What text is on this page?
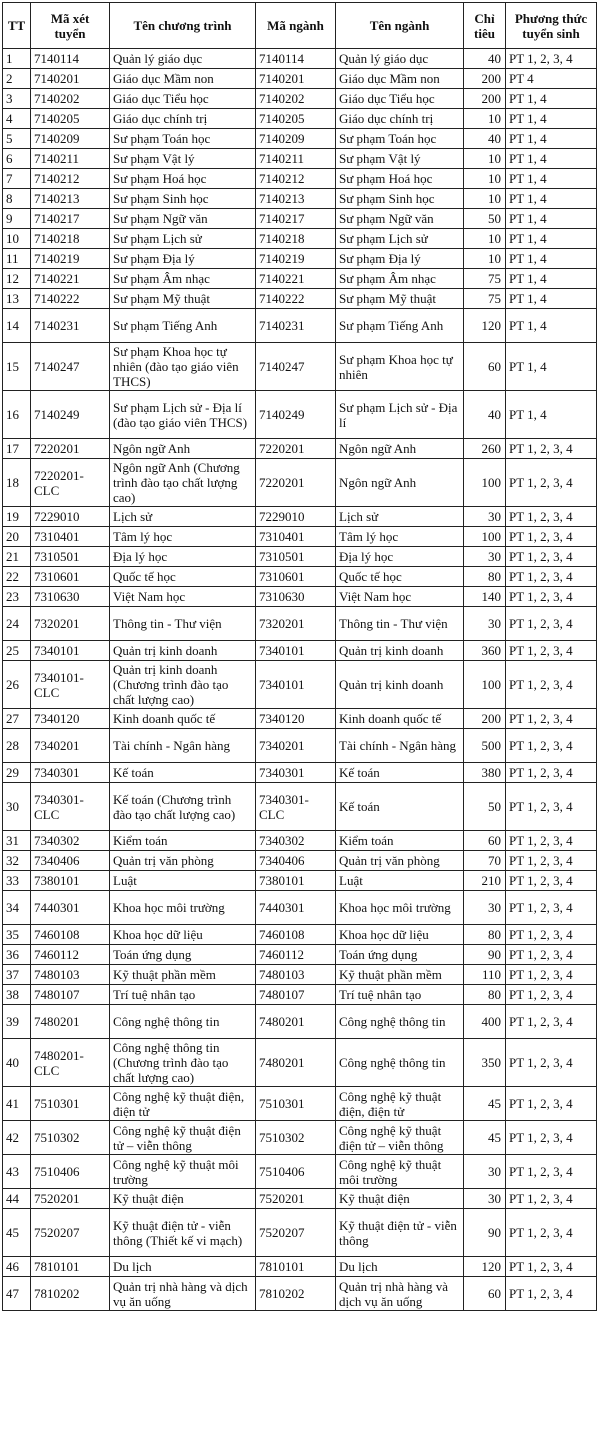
TT	Mã xét tuyển	Tên chương trình	Mã ngành	Tên ngành	Chỉ tiêu	Phương thức tuyển sinh
1	7140114	Quản lý giáo dục	7140114	Quản lý giáo dục	40	PT 1, 2, 3, 4
2	7140201	Giáo dục Mầm non	7140201	Giáo dục Mầm non	200	PT 4
3	7140202	Giáo dục Tiểu học	7140202	Giáo dục Tiểu học	200	PT 1, 4
4	7140205	Giáo dục chính trị	7140205	Giáo dục chính trị	10	PT 1, 4
5	7140209	Sư phạm Toán học	7140209	Sư phạm Toán học	40	PT 1, 4
6	7140211	Sư phạm Vật lý	7140211	Sư phạm Vật lý	10	PT 1, 4
7	7140212	Sư phạm Hoá học	7140212	Sư phạm Hoá học	10	PT 1, 4
8	7140213	Sư phạm Sinh học	7140213	Sư phạm Sinh học	10	PT 1, 4
9	7140217	Sư phạm Ngữ văn	7140217	Sư phạm Ngữ văn	50	PT 1, 4
10	7140218	Sư phạm Lịch sử	7140218	Sư phạm Lịch sử	10	PT 1, 4
11	7140219	Sư phạm Địa lý	7140219	Sư phạm Địa lý	10	PT 1, 4
12	7140221	Sư phạm Âm nhạc	7140221	Sư phạm Âm nhạc	75	PT 1, 4
13	7140222	Sư phạm Mỹ thuật	7140222	Sư phạm Mỹ thuật	75	PT 1, 4
14	7140231	Sư phạm Tiếng Anh	7140231	Sư phạm Tiếng Anh	120	PT 1, 4
15	7140247	Sư phạm Khoa học tự nhiên (đào tạo giáo viên THCS)	7140247	Sư phạm Khoa học tự nhiên	60	PT 1, 4
16	7140249	Sư phạm Lịch sử - Địa lí (đào tạo giáo viên THCS)	7140249	Sư phạm Lịch sử - Địa lí	40	PT 1, 4
17	7220201	Ngôn ngữ Anh	7220201	Ngôn ngữ Anh	260	PT 1, 2, 3, 4
18	7220201-CLC	Ngôn ngữ Anh (Chương trình đào tạo chất lượng cao)	7220201	Ngôn ngữ Anh	100	PT 1, 2, 3, 4
19	7229010	Lịch sử	7229010	Lịch sử	30	PT 1, 2, 3, 4
20	7310401	Tâm lý học	7310401	Tâm lý học	100	PT 1, 2, 3, 4
21	7310501	Địa lý học	7310501	Địa lý học	30	PT 1, 2, 3, 4
22	7310601	Quốc tế học	7310601	Quốc tế học	80	PT 1, 2, 3, 4
23	7310630	Việt Nam học	7310630	Việt Nam học	140	PT 1, 2, 3, 4
24	7320201	Thông tin - Thư viện	7320201	Thông tin - Thư viện	30	PT 1, 2, 3, 4
25	7340101	Quản trị kinh doanh	7340101	Quản trị kinh doanh	360	PT 1, 2, 3, 4
26	7340101-CLC	Quản trị kinh doanh (Chương trình đào tạo chất lượng cao)	7340101	Quản trị kinh doanh	100	PT 1, 2, 3, 4
27	7340120	Kinh doanh quốc tế	7340120	Kinh doanh quốc tế	200	PT 1, 2, 3, 4
28	7340201	Tài chính - Ngân hàng	7340201	Tài chính - Ngân hàng	500	PT 1, 2, 3, 4
29	7340301	Kế toán	7340301	Kế toán	380	PT 1, 2, 3, 4
30	7340301-CLC	Kế toán (Chương trình đào tạo chất lượng cao)	7340301-CLC	Kế toán	50	PT 1, 2, 3, 4
31	7340302	Kiểm toán	7340302	Kiểm toán	60	PT 1, 2, 3, 4
32	7340406	Quản trị văn phòng	7340406	Quản trị văn phòng	70	PT 1, 2, 3, 4
33	7380101	Luật	7380101	Luật	210	PT 1, 2, 3, 4
34	7440301	Khoa học môi trường	7440301	Khoa học môi trường	30	PT 1, 2, 3, 4
35	7460108	Khoa học dữ liệu	7460108	Khoa học dữ liệu	80	PT 1, 2, 3, 4
36	7460112	Toán ứng dụng	7460112	Toán ứng dụng	90	PT 1, 2, 3, 4
37	7480103	Kỹ thuật phần mềm	7480103	Kỹ thuật phần mềm	110	PT 1, 2, 3, 4
38	7480107	Trí tuệ nhân tạo	7480107	Trí tuệ nhân tạo	80	PT 1, 2, 3, 4
39	7480201	Công nghệ thông tin	7480201	Công nghệ thông tin	400	PT 1, 2, 3, 4
40	7480201-CLC	Công nghệ thông tin (Chương trình đào tạo chất lượng cao)	7480201	Công nghệ thông tin	350	PT 1, 2, 3, 4
41	7510301	Công nghệ kỹ thuật điện, điện tử	7510301	Công nghệ kỹ thuật điện, điện tử	45	PT 1, 2, 3, 4
42	7510302	Công nghệ kỹ thuật điện tử – viễn thông	7510302	Công nghệ kỹ thuật điện tử – viễn thông	45	PT 1, 2, 3, 4
43	7510406	Công nghệ kỹ thuật môi trường	7510406	Công nghệ kỹ thuật môi trường	30	PT 1, 2, 3, 4
44	7520201	Kỹ thuật điện	7520201	Kỹ thuật điện	30	PT 1, 2, 3, 4
45	7520207	Kỹ thuật điện tử - viễn thông (Thiết kế vi mạch)	7520207	Kỹ thuật điện tử - viễn thông	90	PT 1, 2, 3, 4
46	7810101	Du lịch	7810101	Du lịch	120	PT 1, 2, 3, 4
47	7810202	Quản trị nhà hàng và dịch vụ ăn uống	7810202	Quản trị nhà hàng và dịch vụ ăn uống	60	PT 1, 2, 3, 4
